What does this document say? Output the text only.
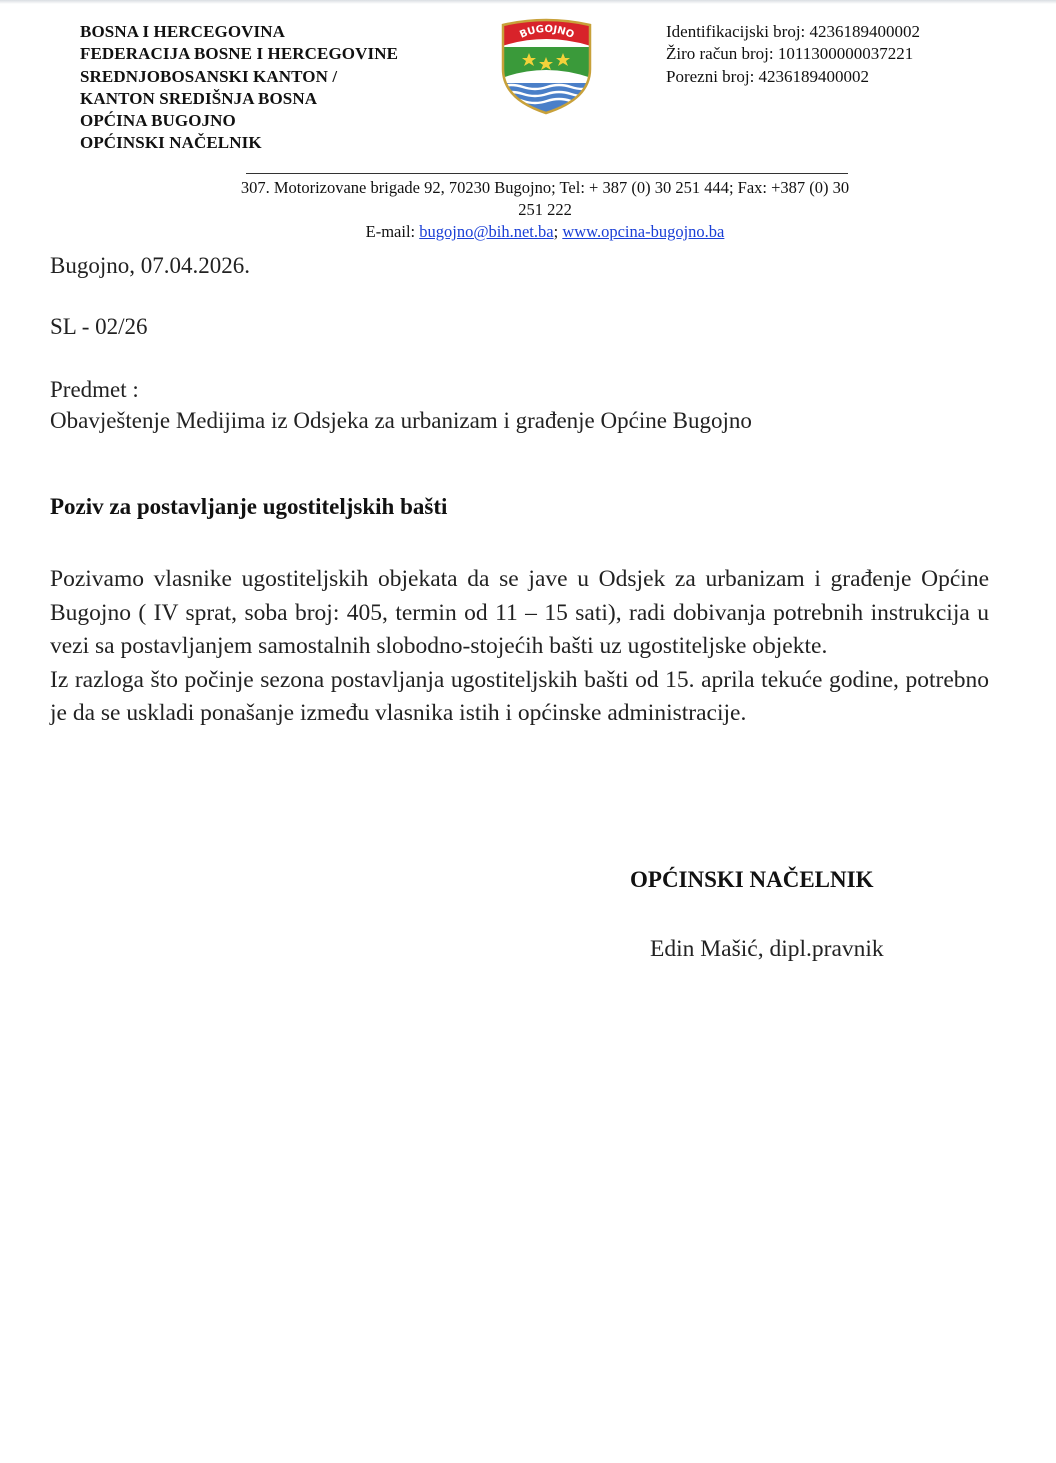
BOSNA I HERCEGOVINA
FEDERACIJA BOSNE I HERCEGOVINE
SREDNJOBOSANSKI KANTON /
KANTON SREDIŠNJA BOSNA
OPĆINA BUGOJNO
OPĆINSKI NAČELNIK
BUGOJNO	Identifikacijski broj: 4236189400002
Žiro račun broj: 1011300000037221
Porezni broj: 4236189400002
307. Motorizovane brigade 92, 70230 Bugojno; Tel: + 387 (0) 30 251 444; Fax: +387 (0) 30
251 222
E-mail: bugojno@bih.net.ba; www.opcina-bugojno.ba
Bugojno, 07.04.2026.
SL - 02/26
Predmet :
Obavještenje Medijima iz Odsjeka za urbanizam i građenje Općine Bugojno
Poziv za postavljanje ugostiteljskih bašti

Pozivamo vlasnike ugostiteljskih objekata da se jave u Odsjek za urbanizam i građenje Općine Bugojno ( IV sprat, soba broj: 405, termin od 11 – 15 sati), radi dobivanja potrebnih instrukcija u vezi sa postavljanjem samostalnih slobodno-stojećih bašti uz ugostiteljske objekte.

Iz razloga što počinje sezona postavljanja ugostiteljskih bašti od 15. aprila tekuće godine, potrebno je da se uskladi ponašanje između vlasnika istih i općinske administracije.

OPĆINSKI NAČELNIK
Edin Mašić, dipl.pravnik
